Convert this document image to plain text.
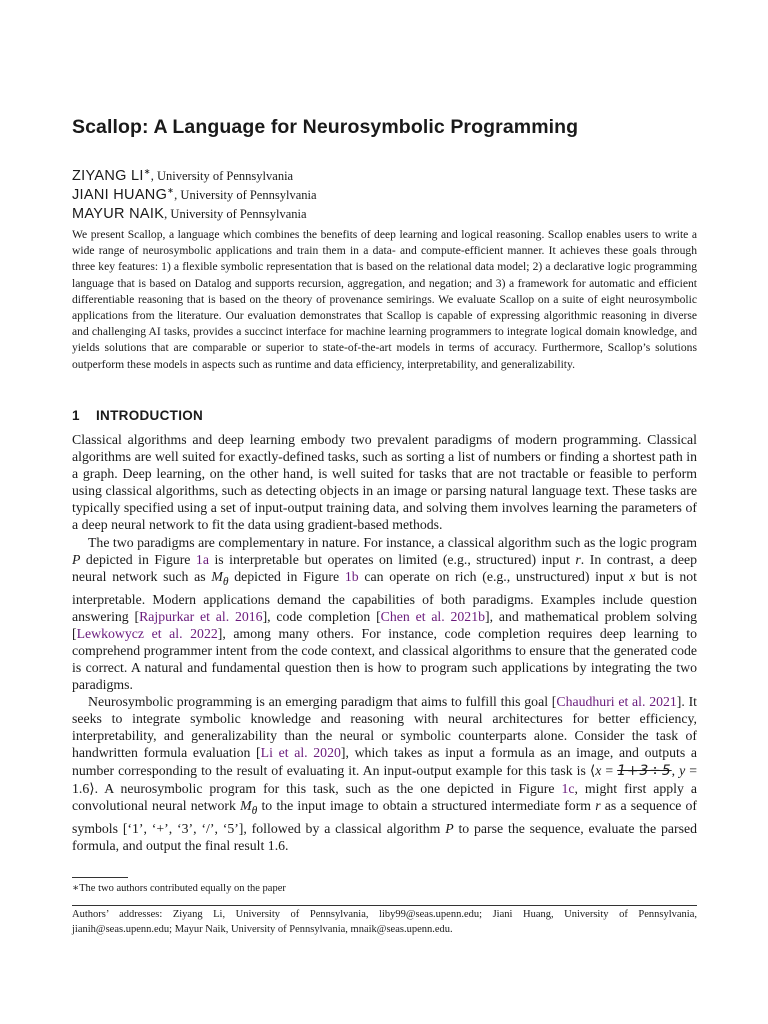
Scallop: A Language for Neurosymbolic Programming
ZIYANG LI∗, University of Pennsylvania
JIANI HUANG∗, University of Pennsylvania
MAYUR NAIK, University of Pennsylvania

We present Scallop, a language which combines the benefits of deep learning and logical reasoning. Scallop enables users to write a wide range of neurosymbolic applications and train them in a data- and compute-efficient manner. It achieves these goals through three key features: 1) a flexible symbolic representation that is based on the relational data model; 2) a declarative logic programming language that is based on Datalog and supports recursion, aggregation, and negation; and 3) a framework for automatic and efficient differentiable reasoning that is based on the theory of provenance semirings. We evaluate Scallop on a suite of eight neurosymbolic applications from the literature. Our evaluation demonstrates that Scallop is capable of expressing algorithmic reasoning in diverse and challenging AI tasks, provides a succinct interface for machine learning programmers to integrate logical domain knowledge, and yields solutions that are comparable or superior to state-of-the-art models in terms of accuracy. Furthermore, Scallop’s solutions outperform these models in aspects such as runtime and data efficiency, interpretability, and generalizability.

1 INTRODUCTION

Classical algorithms and deep learning embody two prevalent paradigms of modern programming. Classical algorithms are well suited for exactly-defined tasks, such as sorting a list of numbers or finding a shortest path in a graph. Deep learning, on the other hand, is well suited for tasks that are not tractable or feasible to perform using classical algorithms, such as detecting objects in an image or parsing natural language text. These tasks are typically specified using a set of input-output training data, and solving them involves learning the parameters of a deep neural network to fit the data using gradient-based methods.

The two paradigms are complementary in nature. For instance, a classical algorithm such as the logic program P depicted in Figure 1a is interpretable but operates on limited (e.g., structured) input r. In contrast, a deep neural network such as $M_\theta$ depicted in Figure 1b can operate on rich (e.g., unstructured) input x but is not interpretable. Modern applications demand the capabilities of both paradigms. Examples include question answering [Rajpurkar et al. 2016], code completion [Chen et al. 2021b], and mathematical problem solving [Lewkowycz et al. 2022], among many others. For instance, code completion requires deep learning to comprehend programmer intent from the code context, and classical algorithms to ensure that the generated code is correct. A natural and fundamental question then is how to program such applications by integrating the two paradigms.

Neurosymbolic programming is an emerging paradigm that aims to fulfill this goal [Chaudhuri et al. 2021]. It seeks to integrate symbolic knowledge and reasoning with neural architectures for better efficiency, interpretability, and generalizability than the neural or symbolic counterparts alone. Consider the task of handwritten formula evaluation [Li et al. 2020], which takes as input a formula as an image, and outputs a number corresponding to the result of evaluating it. An input-output example for this task is ⟨x = 1+3÷5, y = 1.6⟩. A neurosymbolic program for this task, such as the one depicted in Figure 1c, might first apply a convolutional neural network $M_\theta$ to the input image to obtain a structured intermediate form r as a sequence of symbols [‘1’, ‘+’, ‘3’, ‘/’, ‘5’], followed by a classical algorithm P to parse the sequence, evaluate the parsed formula, and output the final result 1.6.

∗The two authors contributed equally on the paper

Authors’ addresses: Ziyang Li, University of Pennsylvania, liby99@seas.upenn.edu; Jiani Huang, University of Pennsylvania, jianih@seas.upenn.edu; Mayur Naik, University of Pennsylvania, mnaik@seas.upenn.edu.
